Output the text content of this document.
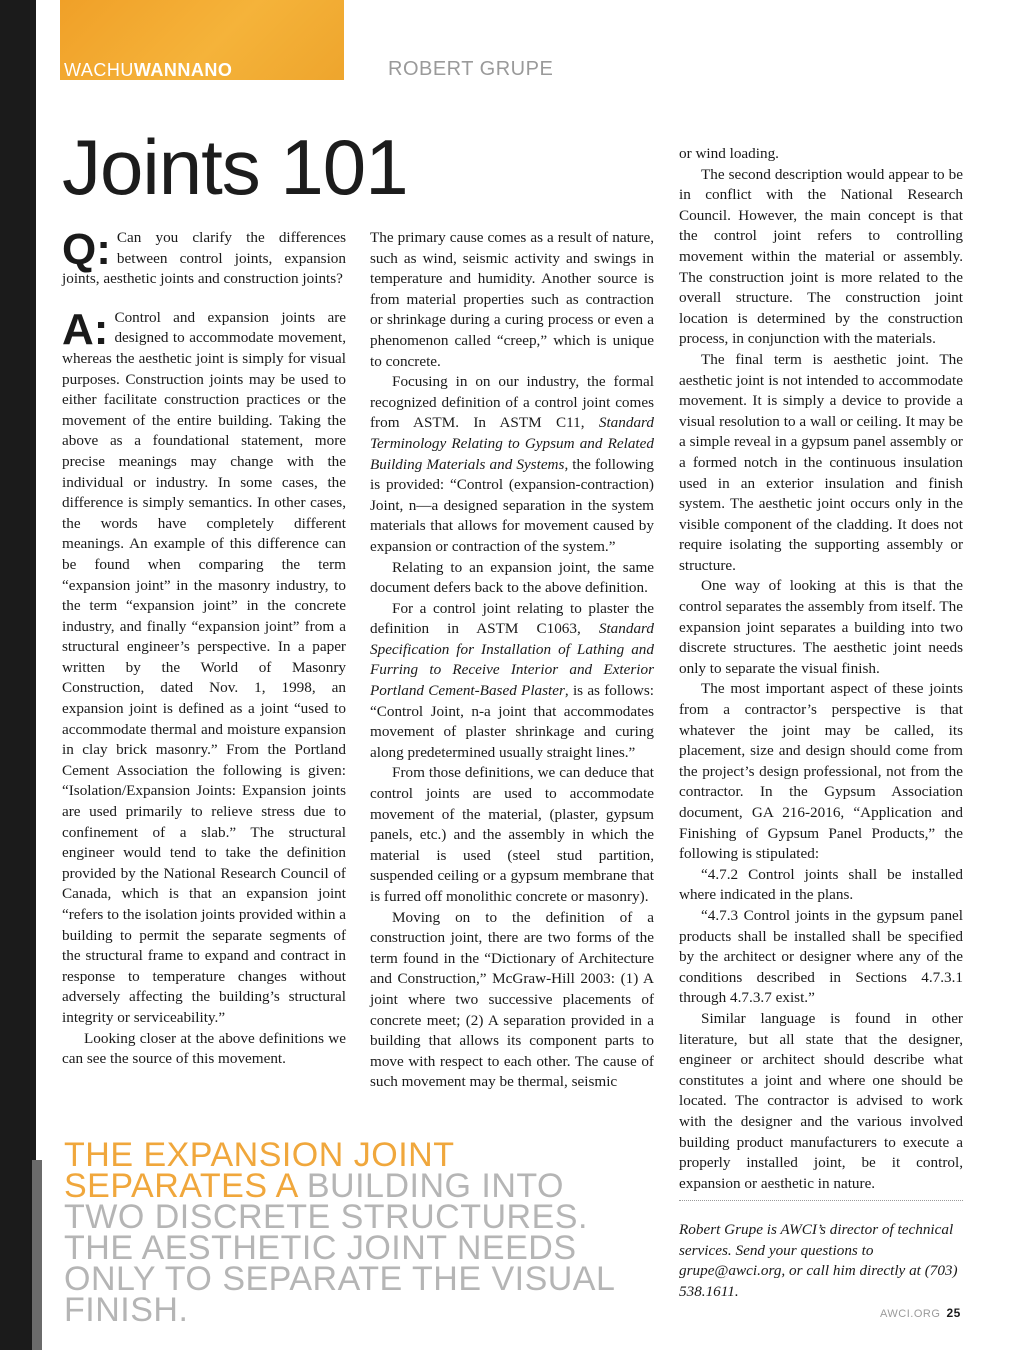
WACHUWANNANO	ROBERT GRUPE
Joints 101
Q: Can you clarify the differences between control joints, expansion joints, aesthetic joints and construction joints?

A: Control and expansion joints are designed to accommodate movement, whereas the aesthetic joint is simply for visual purposes. Construction joints may be used to either facilitate construction practices or the movement of the entire building. Taking the above as a foundational statement, more precise meanings may change with the individual or industry. In some cases, the difference is simply semantics. In other cases, the words have completely different meanings. An example of this difference can be found when comparing the term “expansion joint” in the masonry industry, to the term “expansion joint” in the concrete industry, and finally “expansion joint” from a structural engineer’s perspective. In a paper written by the World of Masonry Construction, dated Nov. 1, 1998, an expansion joint is defined as a joint “used to accommodate thermal and moisture expansion in clay brick masonry.” From the Portland Cement Association the following is given: “Isolation/Expansion Joints: Expansion joints are used primarily to relieve stress due to confinement of a slab.” The structural engineer would tend to take the definition provided by the National Research Council of Canada, which is that an expansion joint “refers to the isolation joints provided within a building to permit the separate segments of the structural frame to expand and contract in response to temperature changes without adversely affecting the building’s structural integrity or serviceability.”

Looking closer at the above definitions we can see the source of this movement.

The primary cause comes as a result of nature, such as wind, seismic activity and swings in temperature and humidity. Another source is from material properties such as contraction or shrinkage during a curing process or even a phenomenon called “creep,” which is unique to concrete.

Focusing in on our industry, the formal recognized definition of a control joint comes from ASTM. In ASTM C11, Standard Terminology Relating to Gypsum and Related Building Materials and Systems, the following is provided: “Control (expansion-contraction) Joint, n—a designed separation in the system materials that allows for movement caused by expansion or contraction of the system.”

Relating to an expansion joint, the same document defers back to the above definition.

For a control joint relating to plaster the definition in ASTM C1063, Standard Specification for Installation of Lathing and Furring to Receive Interior and Exterior Portland Cement-Based Plaster, is as follows: “Control Joint, n-a joint that accommodates movement of plaster shrinkage and curing along predetermined usually straight lines.”

From those definitions, we can deduce that control joints are used to accommodate movement of the material, (plaster, gypsum panels, etc.) and the assembly in which the material is used (steel stud partition, suspended ceiling or a gypsum membrane that is furred off monolithic concrete or masonry).

Moving on to the definition of a construction joint, there are two forms of the term found in the “Dictionary of Architecture and Construction,” McGraw-Hill 2003: (1) A joint where two successive placements of concrete meet; (2) A separation provided in a building that allows its component parts to move with respect to each other. The cause of such movement may be thermal, seismic

or wind loading.

The second description would appear to be in conflict with the National Research Council. However, the main concept is that the control joint refers to controlling movement within the material or assembly. The construction joint is more related to the overall structure. The construction joint location is determined by the construction process, in conjunction with the materials.

The final term is aesthetic joint. The aesthetic joint is not intended to accommodate movement. It is simply a device to provide a visual resolution to a wall or ceiling. It may be a simple reveal in a gypsum panel assembly or a formed notch in the continuous insulation used in an exterior insulation and finish system. The aesthetic joint occurs only in the visible component of the cladding. It does not require isolating the supporting assembly or structure.

One way of looking at this is that the control separates the assembly from itself. The expansion joint separates a building into two discrete structures. The aesthetic joint needs only to separate the visual finish.

The most important aspect of these joints from a contractor’s perspective is that whatever the joint may be called, its placement, size and design should come from the project’s design professional, not from the contractor. In the Gypsum Association document, GA 216-2016, “Application and Finishing of Gypsum Panel Products,” the following is stipulated:

“4.7.2 Control joints shall be installed where indicated in the plans.

“4.7.3 Control joints in the gypsum panel products shall be installed shall be specified by the architect or designer where any of the conditions described in Sections 4.7.3.1 through 4.7.3.7 exist.”

Similar language is found in other literature, but all state that the designer, engineer or architect should describe what constitutes a joint and where one should be located. The contractor is advised to work with the designer and the various involved building product manufacturers to execute a properly installed joint, be it control, expansion or aesthetic in nature.

THE EXPANSION JOINT SEPARATES A BUILDING INTO TWO DISCRETE STRUCTURES. THE AESTHETIC JOINT NEEDS ONLY TO SEPARATE THE VISUAL FINISH.
Robert Grupe is AWCI’s director of technical services. Send your questions to grupe@awci.org, or call him directly at (703) 538.1611.
AWCI.ORG 25
